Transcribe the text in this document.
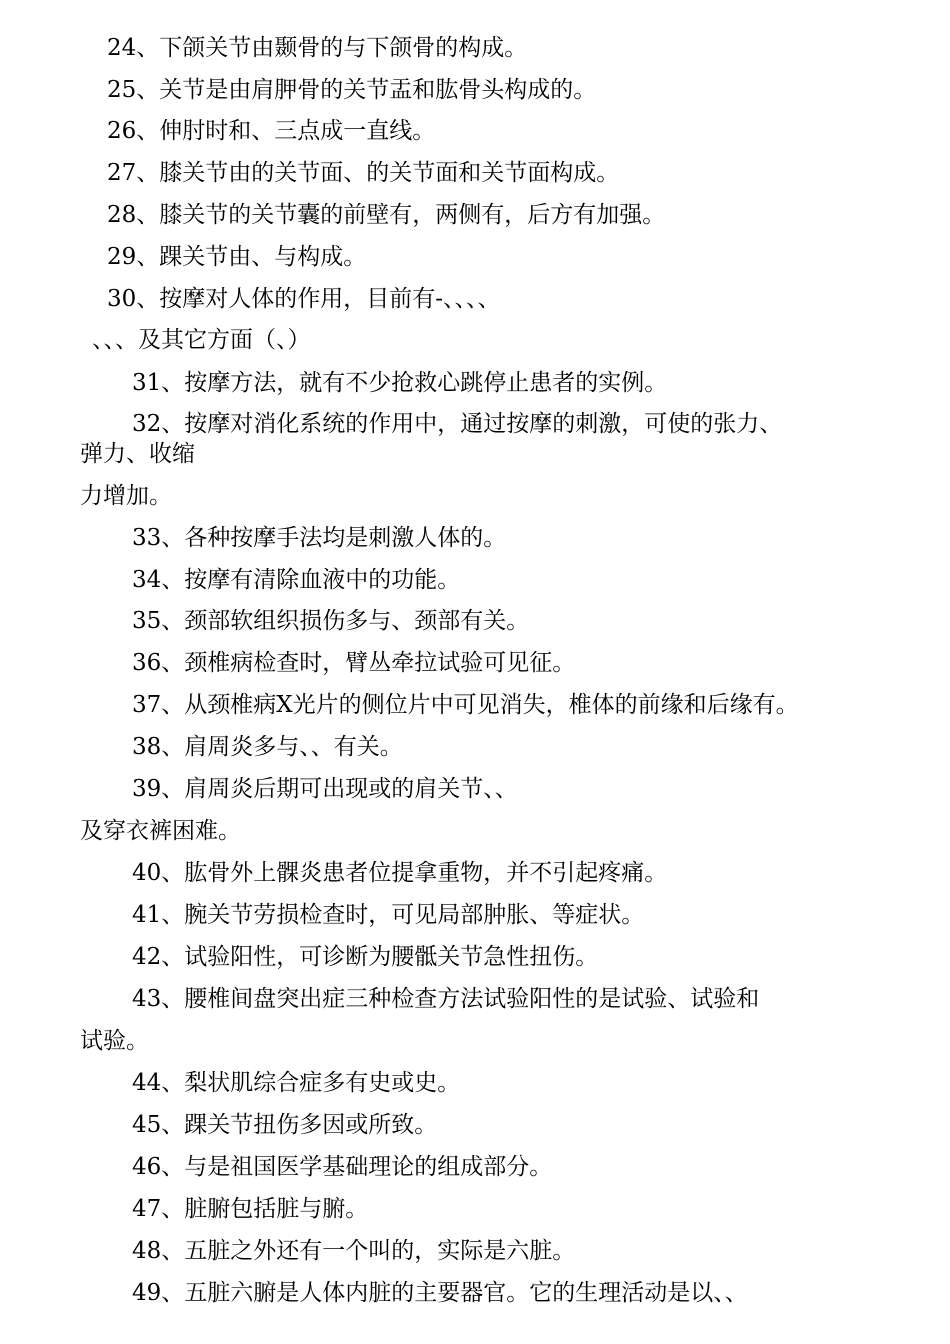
24、下颌关节由颞骨的与下颌骨的构成。
25、关节是由肩胛骨的关节盂和肱骨头构成的。
26、伸肘时和、三点成一直线。
27、膝关节由的关节面、的关节面和关节面构成。
28、膝关节的关节囊的前壁有，两侧有，后方有加强。
29、踝关节由、与构成。
30、按摩对人体的作用，目前有-、、、、
、、、及其它方面（、）
31、按摩方法，就有不少抢救心跳停止患者的实例。
32、按摩对消化系统的作用中，通过按摩的刺激，可使的张力、
弹力、收缩
力增加。
33、各种按摩手法均是刺激人体的。
34、按摩有清除血液中的功能。
35、颈部软组织损伤多与、颈部有关。
36、颈椎病检查时，臂丛牵拉试验可见征。
37、从颈椎病X光片的侧位片中可见消失，椎体的前缘和后缘有。
38、肩周炎多与、、有关。
39、肩周炎后期可出现或的肩关节、、
及穿衣裤困难。
40、肱骨外上髁炎患者位提拿重物，并不引起疼痛。
41、腕关节劳损检查时，可见局部肿胀、等症状。
42、试验阳性，可诊断为腰骶关节急性扭伤。
43、腰椎间盘突出症三种检查方法试验阳性的是试验、试验和
试验。
44、梨状肌综合症多有史或史。
45、踝关节扭伤多因或所致。
46、与是祖国医学基础理论的组成部分。
47、脏腑包括脏与腑。
48、五脏之外还有一个叫的，实际是六脏。
49、五脏六腑是人体内脏的主要器官。它的生理活动是以、、
